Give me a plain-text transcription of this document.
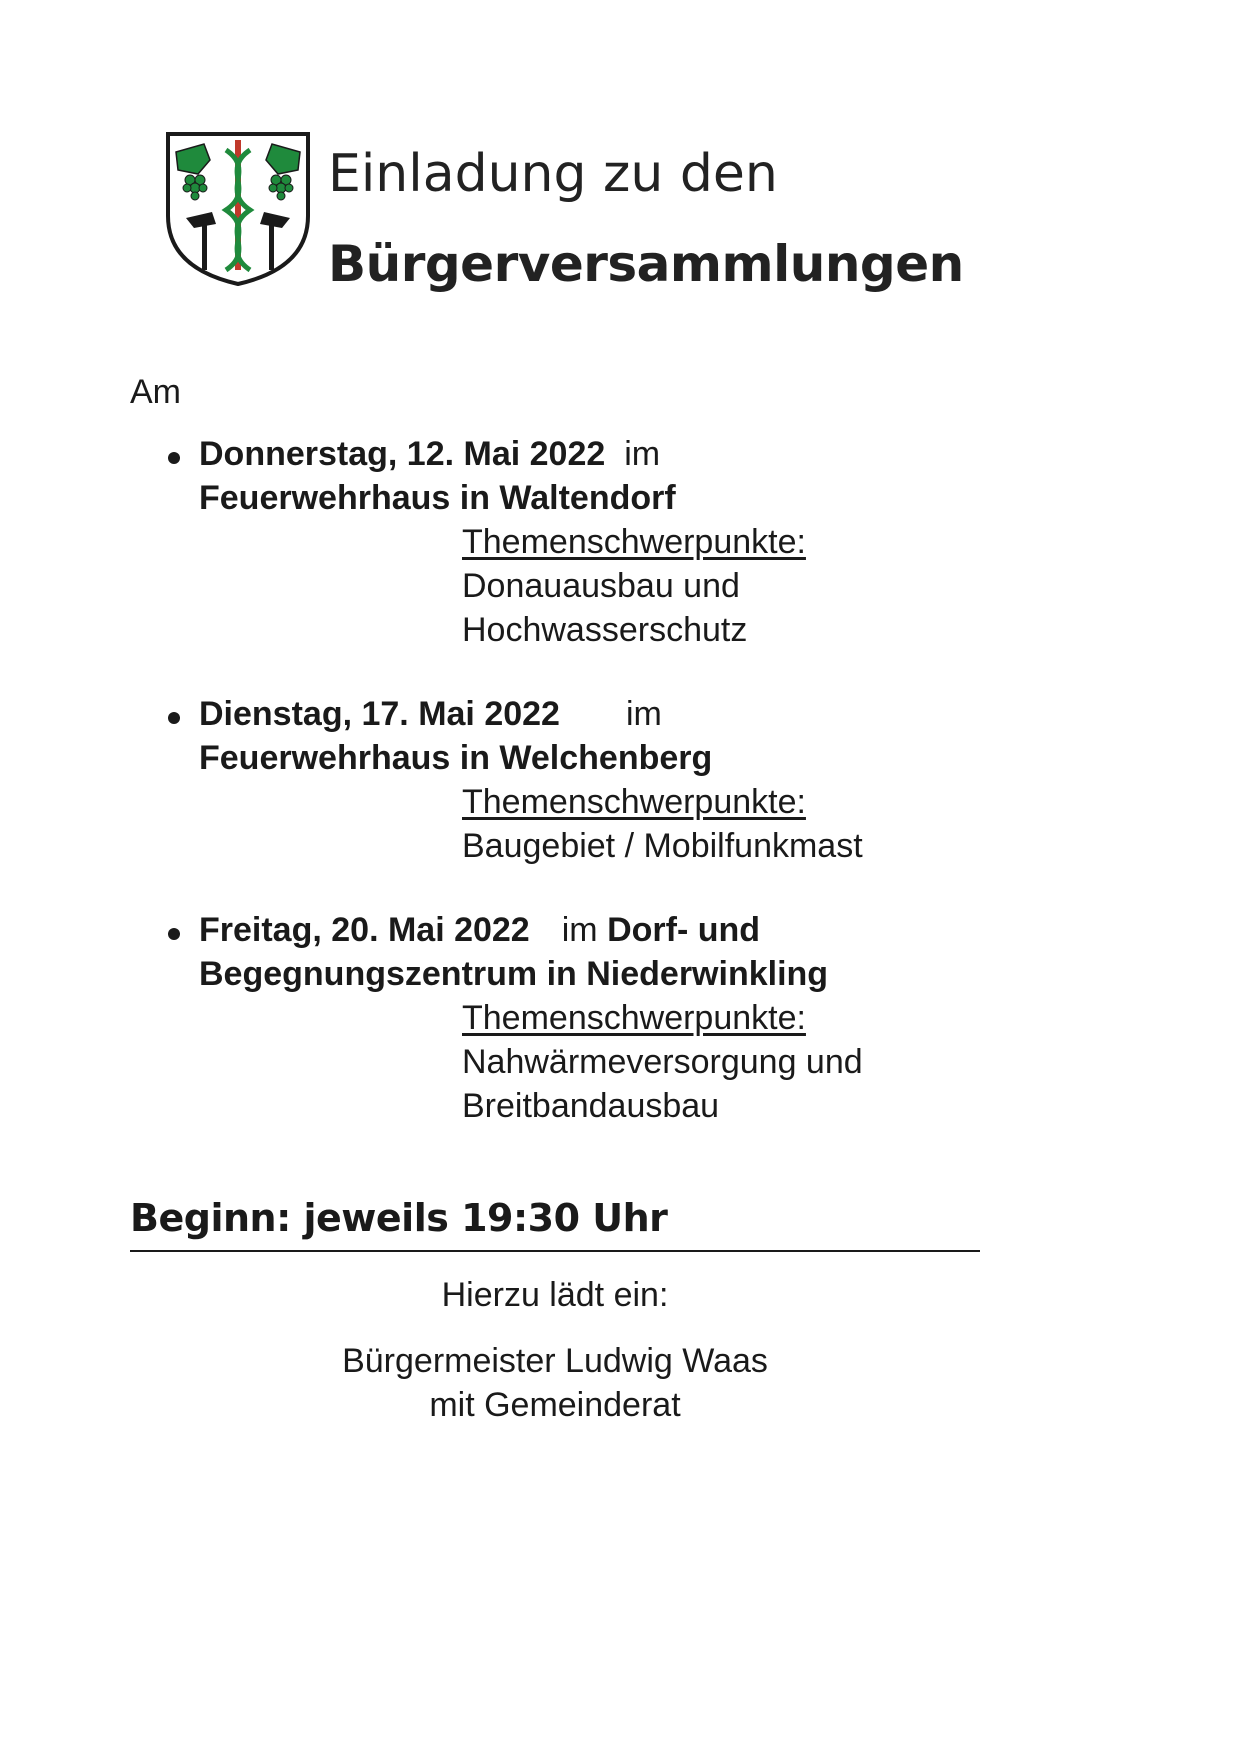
Einladung zu den
Bürgerversammlungen
Am
Donnerstag, 12. Mai 2022 im
Feuerwehrhaus in Waltendorf
Themenschwerpunkte:
Donauausbau und
Hochwasserschutz
Dienstag, 17. Mai 2022 im
Feuerwehrhaus in Welchenberg
Themenschwerpunkte:
Baugebiet / Mobilfunkmast
Freitag, 20. Mai 2022 im Dorf- und
Begegnungszentrum in Niederwinkling
Themenschwerpunkte:
Nahwärmeversorgung und
Breitbandausbau
Beginn: jeweils 19:30 Uhr
Hierzu lädt ein:
Bürgermeister Ludwig Waas
mit Gemeinderat
